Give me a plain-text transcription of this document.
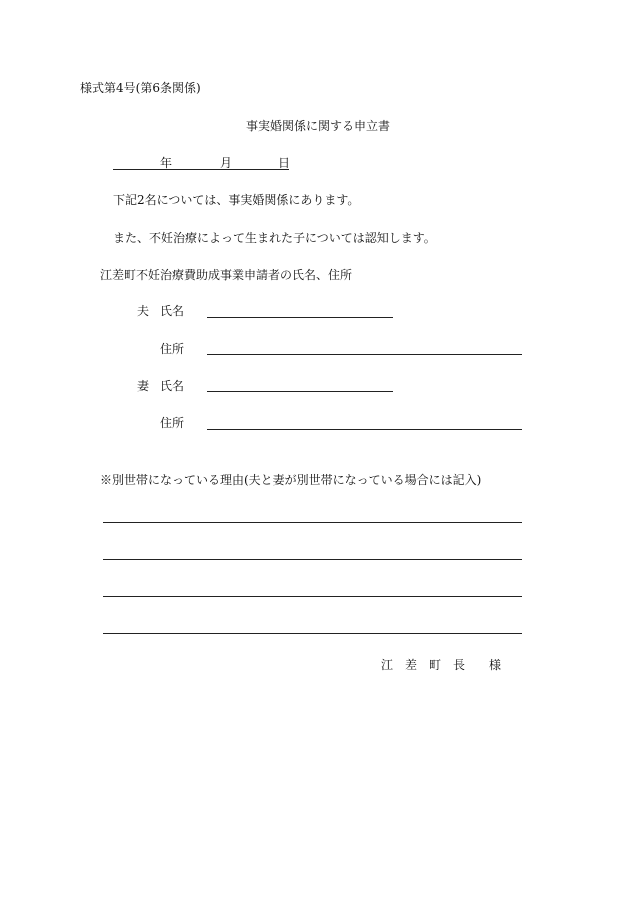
様式第4号(第6条関係)
事実婚関係に関する申立書
年	月	日
下記2名については、事実婚関係にあります。
また、不妊治療によって生まれた子については認知します。
江差町不妊治療費助成事業申請者の氏名、住所
夫 氏名
住所
妻 氏名
住所
※別世帯になっている理由(夫と妻が別世帯になっている場合には記入)
江　差　町　長　　様
